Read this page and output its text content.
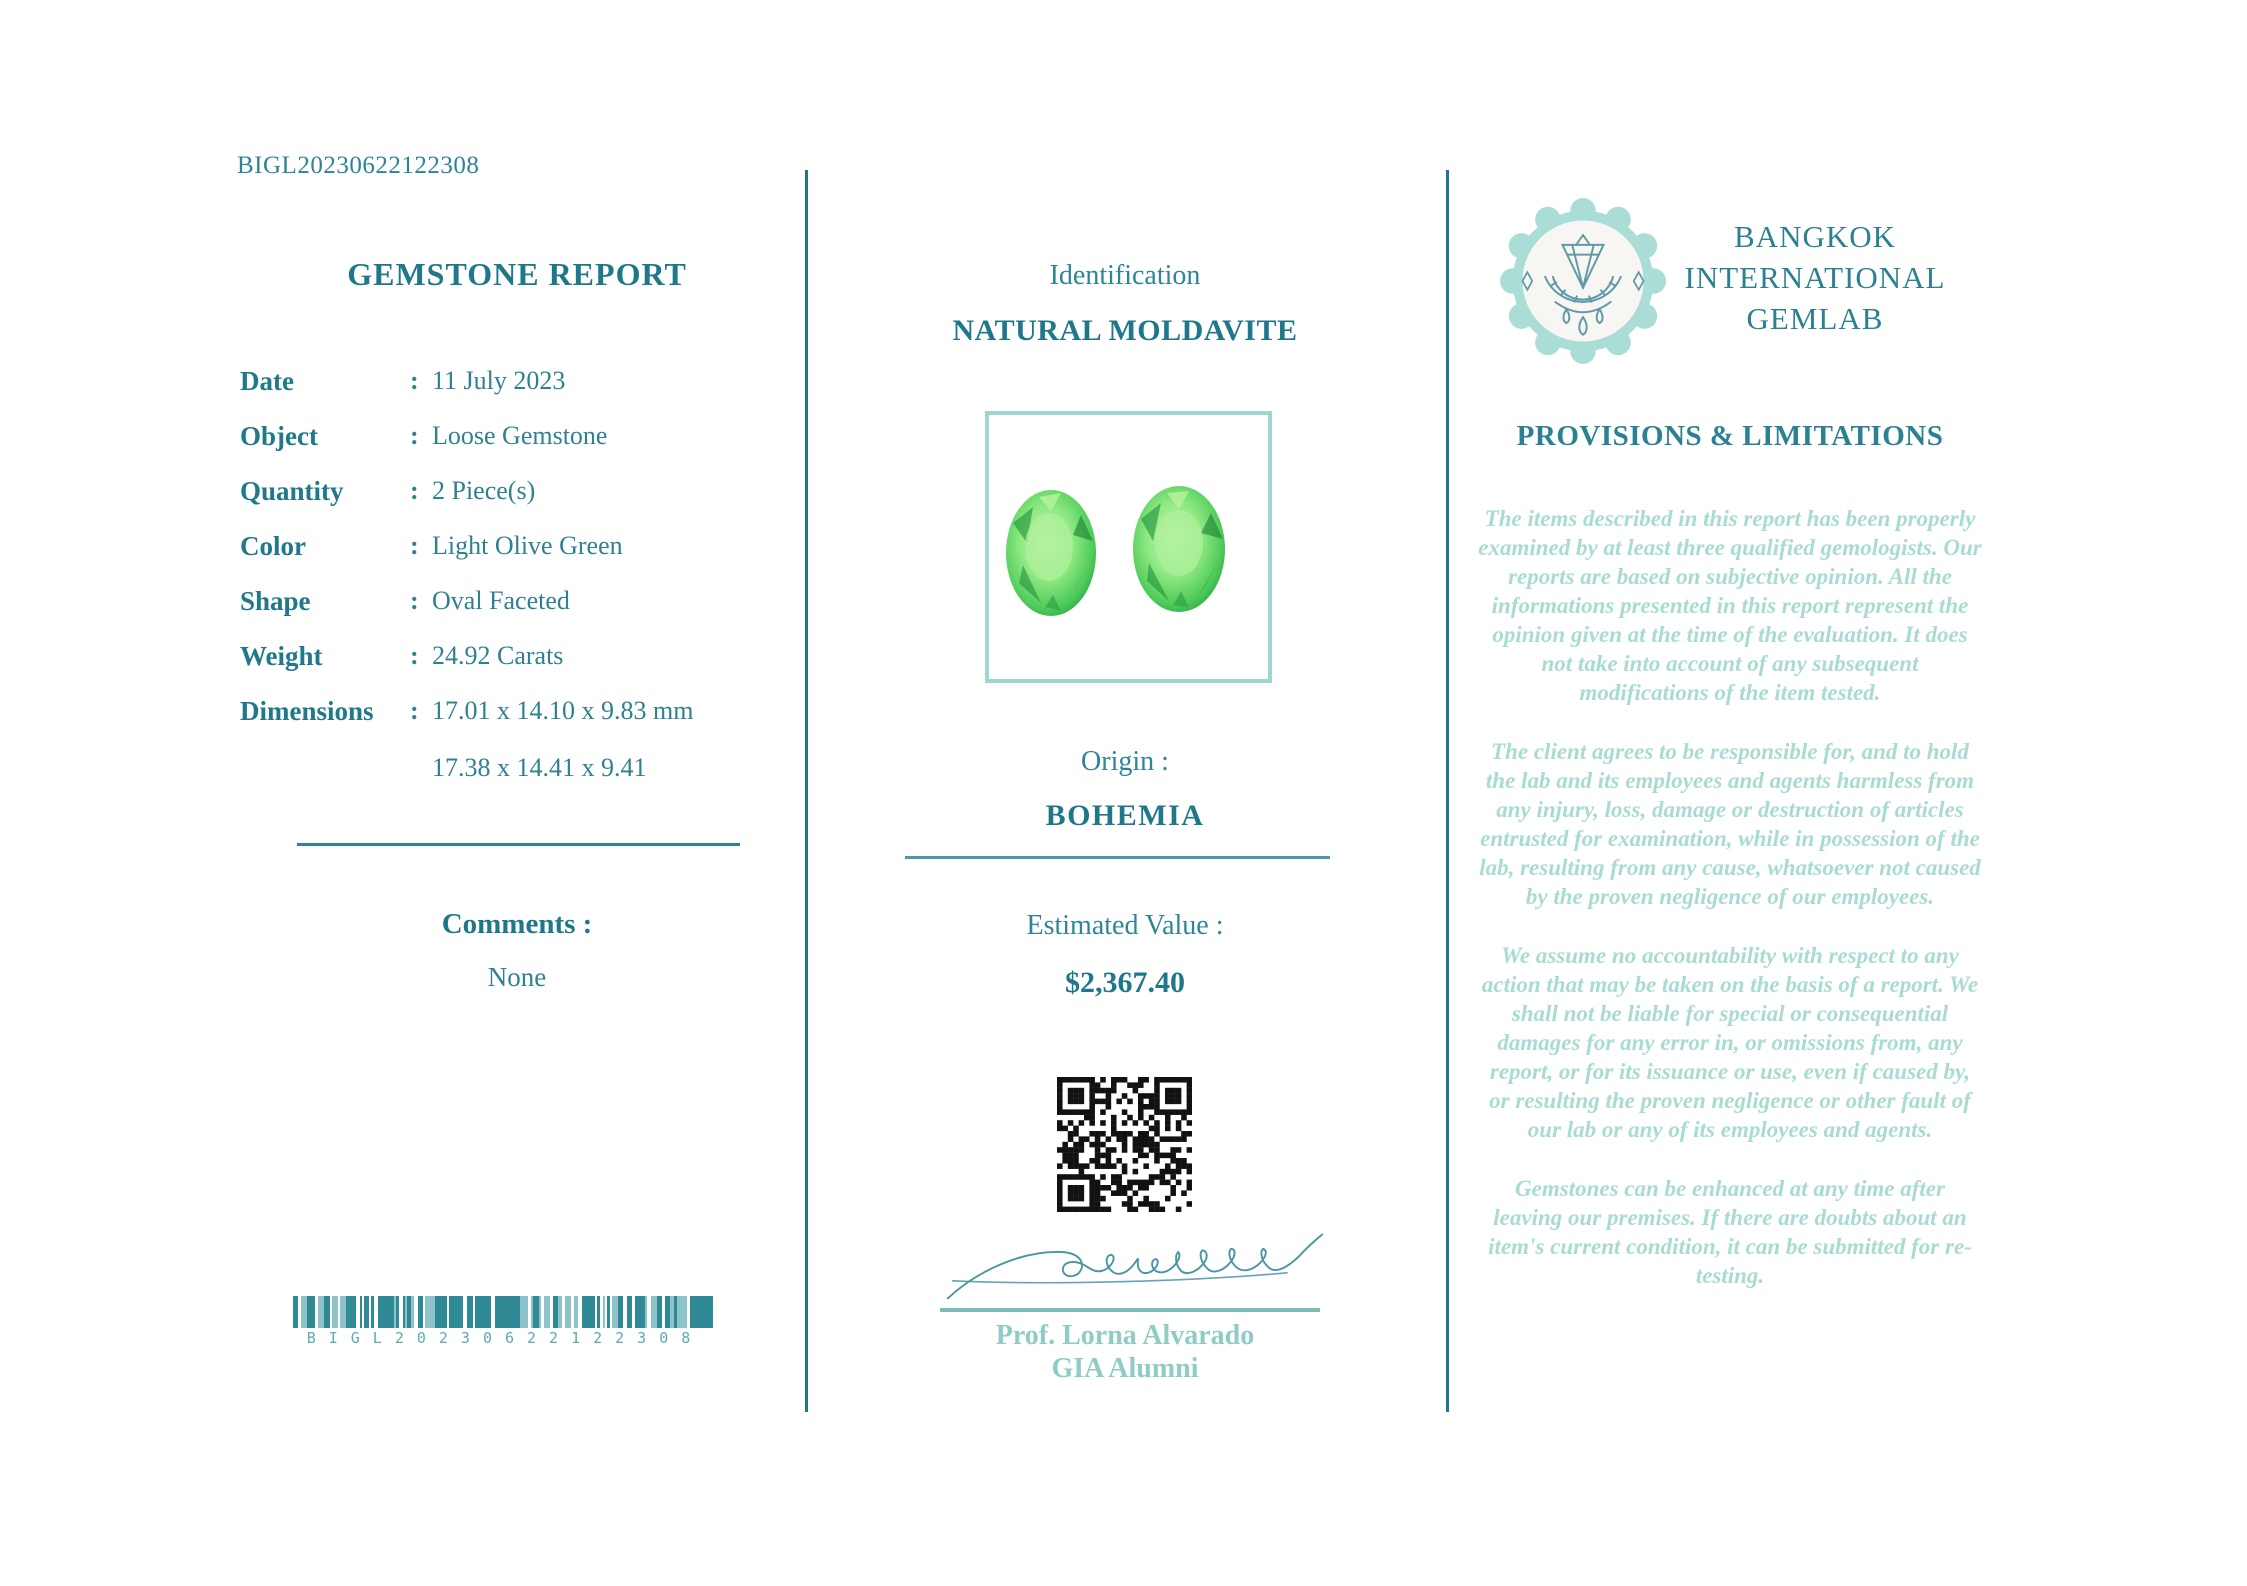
BIGL20230622122308
GEMSTONE REPORT
Date	: 11 July 2023
Object	: Loose Gemstone
Quantity	: 2 Piece(s)
Color	: Light Olive Green
Shape	: Oval Faceted
Weight	: 24.92 Carats
Dimensions	: 17.01 x 14.10 x 9.83 mm
17.38 x 14.41 x 9.41
Comments :
None
BIGL20230622122308
Identification
NATURAL MOLDAVITE
Origin :
BOHEMIA
Estimated Value :
$2,367.40
Prof. Lorna Alvarado
GIA Alumni
BANGKOK
INTERNATIONAL
GEMLAB
PROVISIONS & LIMITATIONS

The items described in this report has been properly examined by at least three qualified gemologists. Our reports are based on subjective opinion. All the informations presented in this report represent the opinion given at the time of the evaluation. It does not take into account of any subsequent modifications of the item tested.

The client agrees to be responsible for, and to hold the lab and its employees and agents harmless from any injury, loss, damage or destruction of articles entrusted for examination, while in possession of the lab, resulting from any cause, whatsoever not caused by the proven negligence of our employees.

We assume no accountability with respect to any action that may be taken on the basis of a report. We shall not be liable for special or consequential damages for any error in, or omissions from, any report, or for its issuance or use, even if caused by, or resulting the proven negligence or other fault of our lab or any of its employees and agents.

Gemstones can be enhanced at any time after leaving our premises. If there are doubts about an item's current condition, it can be submitted for re-testing.
